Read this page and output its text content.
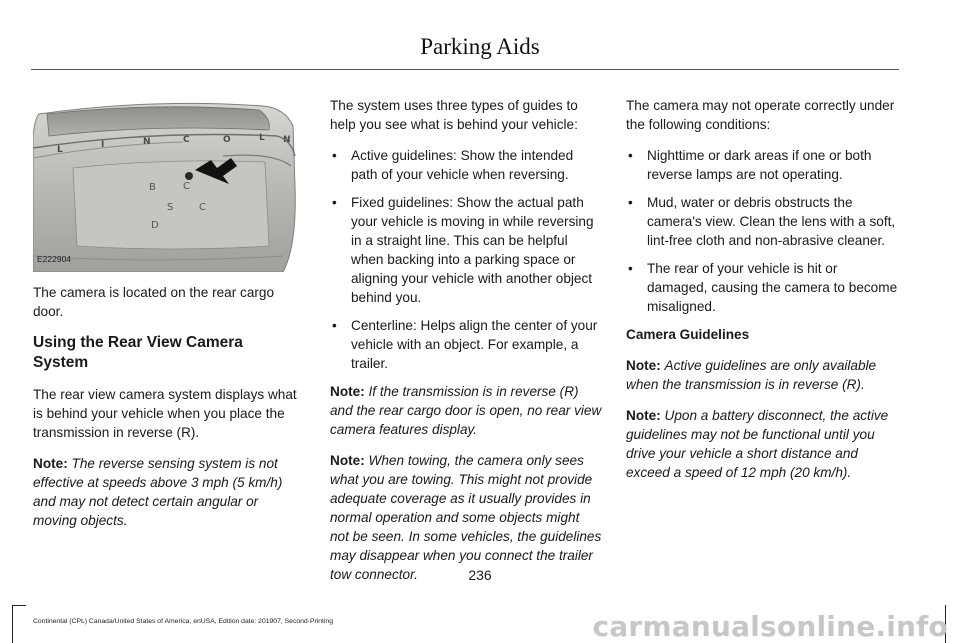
Parking Aids
L	I	N	C	O	L N
B	C
S	C
D
E222904

The camera is located on the rear cargo door.

Using the Rear View Camera System

The rear view camera system displays what is behind your vehicle when you place the transmission in reverse (R).

Note: The reverse sensing system is not effective at speeds above 3 mph (5 km/h) and may not detect certain angular or moving objects.

The system uses three types of guides to help you see what is behind your vehicle:

• Active guidelines: Show the intended path of your vehicle when reversing.
• Fixed guidelines: Show the actual path your vehicle is moving in while reversing in a straight line. This can be helpful when backing into a parking space or aligning your vehicle with another object behind you.
• Centerline: Helps align the center of your vehicle with an object. For example, a trailer.

Note: If the transmission is in reverse (R) and the rear cargo door is open, no rear view camera features display.

Note: When towing, the camera only sees what you are towing. This might not provide adequate coverage as it usually provides in normal operation and some objects might not be seen. In some vehicles, the guidelines may disappear when you connect the trailer tow connector.

The camera may not operate correctly under the following conditions:

• Nighttime or dark areas if one or both reverse lamps are not operating.
• Mud, water or debris obstructs the camera's view. Clean the lens with a soft, lint-free cloth and non-abrasive cleaner.
• The rear of your vehicle is hit or damaged, causing the camera to become misaligned.
Camera Guidelines

Note: Active guidelines are only available when the transmission is in reverse (R).

Note: Upon a battery disconnect, the active guidelines may not be functional until you drive your vehicle a short distance and exceed a speed of 12 mph (20 km/h).

236
Continental (CPL) Canada/United States of America, enUSA, Edition date: 201907, Second-Printing	carmanualsonline.info
